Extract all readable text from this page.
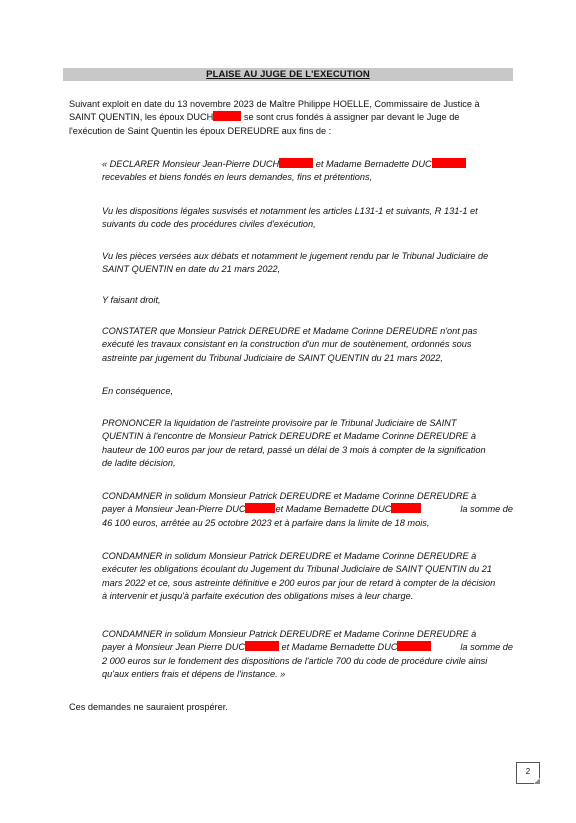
PLAISE AU JUGE DE L'EXECUTION
Suivant exploit en date du 13 novembre 2023 de Maître Philippe HOELLE, Commissaire de Justice à
SAINT QUENTIN, les époux DUCH	se sont crus fondés à assigner par devant le Juge de
l'exécution de Saint Quentin les époux DEREUDRE aux fins de :
« DECLARER Monsieur Jean-Pierre DUCH	et Madame Bernadette DUC
recevables et biens fondés en leurs demandes, fins et prétentions,
Vu les dispositions légales susvisés et notamment les articles L131-1 et suivants, R 131-1 et
suivants du code des procédures civiles d'exécution,
Vu les pièces versées aux débats et notamment le jugement rendu par le Tribunal Judiciaire de
SAINT QUENTIN en date du 21 mars 2022,
Y faisant droit,
CONSTATER que Monsieur Patrick DEREUDRE et Madame Corinne DEREUDRE n'ont pas
exécuté les travaux consistant en la construction d'un mur de soutènement, ordonnés sous
astreinte par jugement du Tribunal Judiciaire de SAINT QUENTIN du 21 mars 2022,
En conséquence,
PRONONCER la liquidation de l'astreinte provisoire par le Tribunal Judiciaire de SAINT
QUENTIN à l'encontre de Monsieur Patrick DEREUDRE et Madame Corinne DEREUDRE à
hauteur de 100 euros par jour de retard, passé un délai de 3 mois à compter de la signification
de ladite décision,
CONDAMNER in solidum Monsieur Patrick DEREUDRE et Madame Corinne DEREUDRE à
payer à Monsieur Jean-Pierre DUC	et Madame Bernadette DUC	la somme de
46 100 euros, arrêtée au 25 octobre 2023 et à parfaire dans la limite de 18 mois,
CONDAMNER in solidum Monsieur Patrick DEREUDRE et Madame Corinne DEREUDRE à
exécuter les obligations écoulant du Jugement du Tribunal Judiciaire de SAINT QUENTIN du 21
mars 2022 et ce, sous astreinte définitive e 200 euros par jour de retard à compter de la décision
à intervenir et jusqu'à parfaite exécution des obligations mises à leur charge.
CONDAMNER in solidum Monsieur Patrick DEREUDRE et Madame Corinne DEREUDRE à
payer à Monsieur Jean Pierre DUC	et Madame Bernadette DUC	la somme de
2 000 euros sur le fondement des dispositions de l'article 700 du code de procédure civile ainsi
qu'aux entiers frais et dépens de l'instance. »
Ces demandes ne sauraient prospérer.
2
